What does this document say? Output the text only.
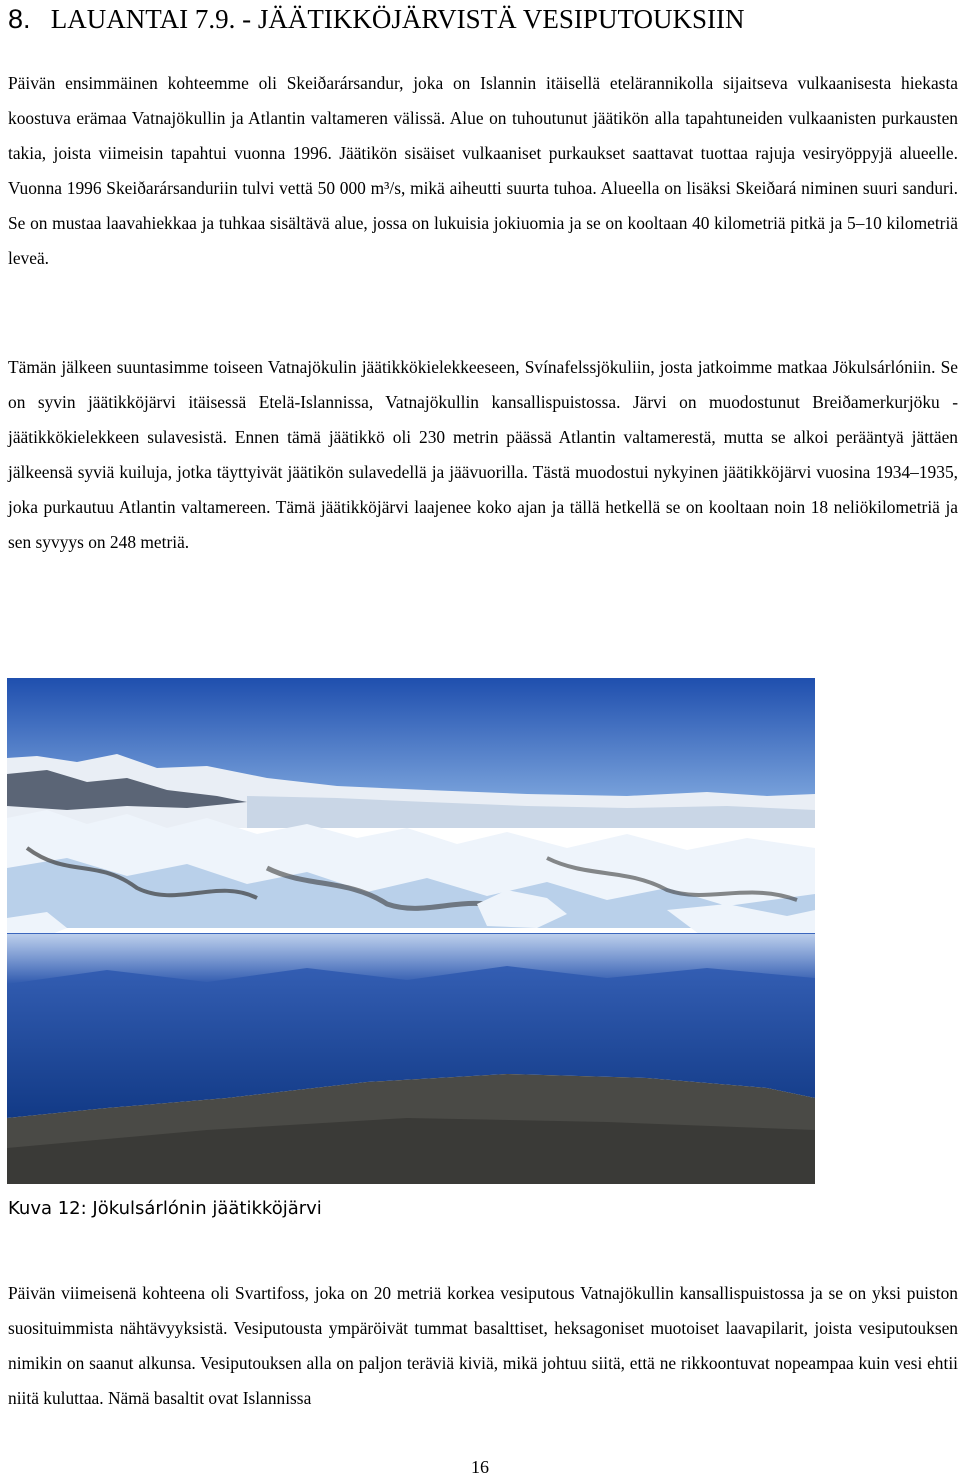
8. LAUANTAI 7.9. - JÄÄTIKKÖJÄRVISTÄ VESIPUTOUKSIIN

Päivän ensimmäinen kohteemme oli Skeiðarársandur, joka on Islannin itäisellä etelärannikolla sijaitseva vulkaanisesta hiekasta koostuva erämaa Vatnajökullin ja Atlantin valtameren välissä. Alue on tuhoutunut jäätikön alla tapahtuneiden vulkaanisten purkausten takia, joista viimeisin tapahtui vuonna 1996. Jäätikön sisäiset vulkaaniset purkaukset saattavat tuottaa rajuja vesiryöppyjä alueelle. Vuonna 1996 Skeiðarársanduriin tulvi vettä 50 000 m³/s, mikä aiheutti suurta tuhoa. Alueella on lisäksi Skeiðará niminen suuri sanduri. Se on mustaa laavahiekkaa ja tuhkaa sisältävä alue, jossa on lukuisia jokiuomia ja se on kooltaan 40 kilometriä pitkä ja 5–10 kilometriä leveä.

Tämän jälkeen suuntasimme toiseen Vatnajökulin jäätikkökielekkeeseen, Svínafelssjökuliin, josta jatkoimme matkaa Jökulsárlóniin. Se on syvin jäätikköjärvi itäisessä Etelä-Islannissa, Vatnajökullin kansallispuistossa. Järvi on muodostunut Breiðamerkurjöku -jäätikkökielekkeen sulavesistä. Ennen tämä jäätikkö oli 230 metrin päässä Atlantin valtamerestä, mutta se alkoi perääntyä jättäen jälkeensä syviä kuiluja, jotka täyttyivät jäätikön sulavedellä ja jäävuorilla. Tästä muodostui nykyinen jäätikköjärvi vuosina 1934–1935, joka purkautuu Atlantin valtamereen. Tämä jäätikköjärvi laajenee koko ajan ja tällä hetkellä se on kooltaan noin 18 neliökilometriä ja sen syvyys on 248 metriä.

Kuva 12: Jökulsárlónin jäätikköjärvi

Päivän viimeisenä kohteena oli Svartifoss, joka on 20 metriä korkea vesiputous Vatnajökullin kansallispuistossa ja se on yksi puiston suosituimmista nähtävyyksistä. Vesiputousta ympäröivät tummat basalttiset, heksagoniset muotoiset laavapilarit, joista vesiputouksen nimikin on saanut alkunsa. Vesiputouksen alla on paljon teräviä kiviä, mikä johtuu siitä, että ne rikkoontuvat nopeampaa kuin vesi ehtii niitä kuluttaa. Nämä basaltit ovat Islannissa

16
